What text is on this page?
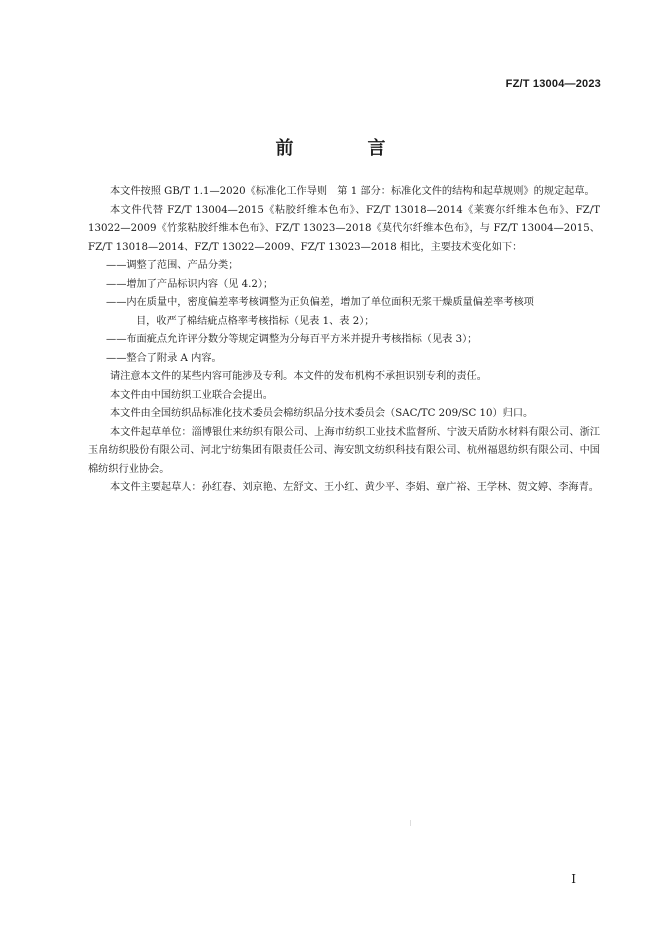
FZ/T 13004—2023
前　言

本文件按照 GB/T 1.1—2020《标准化工作导则　第 1 部分：标准化文件的结构和起草规则》的规定起草。

本文件代替 FZ/T 13004—2015《粘胶纤维本色布》、FZ/T 13018—2014《莱赛尔纤维本色布》、FZ/T 13022—2009《竹浆粘胶纤维本色布》、FZ/T 13023—2018《莫代尔纤维本色布》，与 FZ/T 13004—2015、FZ/T 13018—2014、FZ/T 13022—2009、FZ/T 13023—2018 相比，主要技术变化如下：

——调整了范围、产品分类；

——增加了产品标识内容（见 4.2）；

——内在质量中，密度偏差率考核调整为正负偏差，增加了单位面积无浆干燥质量偏差率考核项
目，收严了棉结疵点格率考核指标（见表 1、表 2）；

——布面疵点允许评分数分等规定调整为分每百平方米并提升考核指标（见表 3）；

——整合了附录 A 内容。

请注意本文件的某些内容可能涉及专利。本文件的发布机构不承担识别专利的责任。

本文件由中国纺织工业联合会提出。

本文件由全国纺织品标准化技术委员会棉纺织品分技术委员会（SAC/TC 209/SC 10）归口。

本文件起草单位：淄博银仕来纺织有限公司、上海市纺织工业技术监督所、宁波天盾防水材料有限公司、浙江玉帛纺织股份有限公司、河北宁纺集团有限责任公司、海安凯文纺织科技有限公司、杭州福恩纺织有限公司、中国棉纺织行业协会。

本文件主要起草人：孙红春、刘京艳、左舒文、王小红、黄少平、李娟、章广裕、王学林、贺文婷、李海青。

I
